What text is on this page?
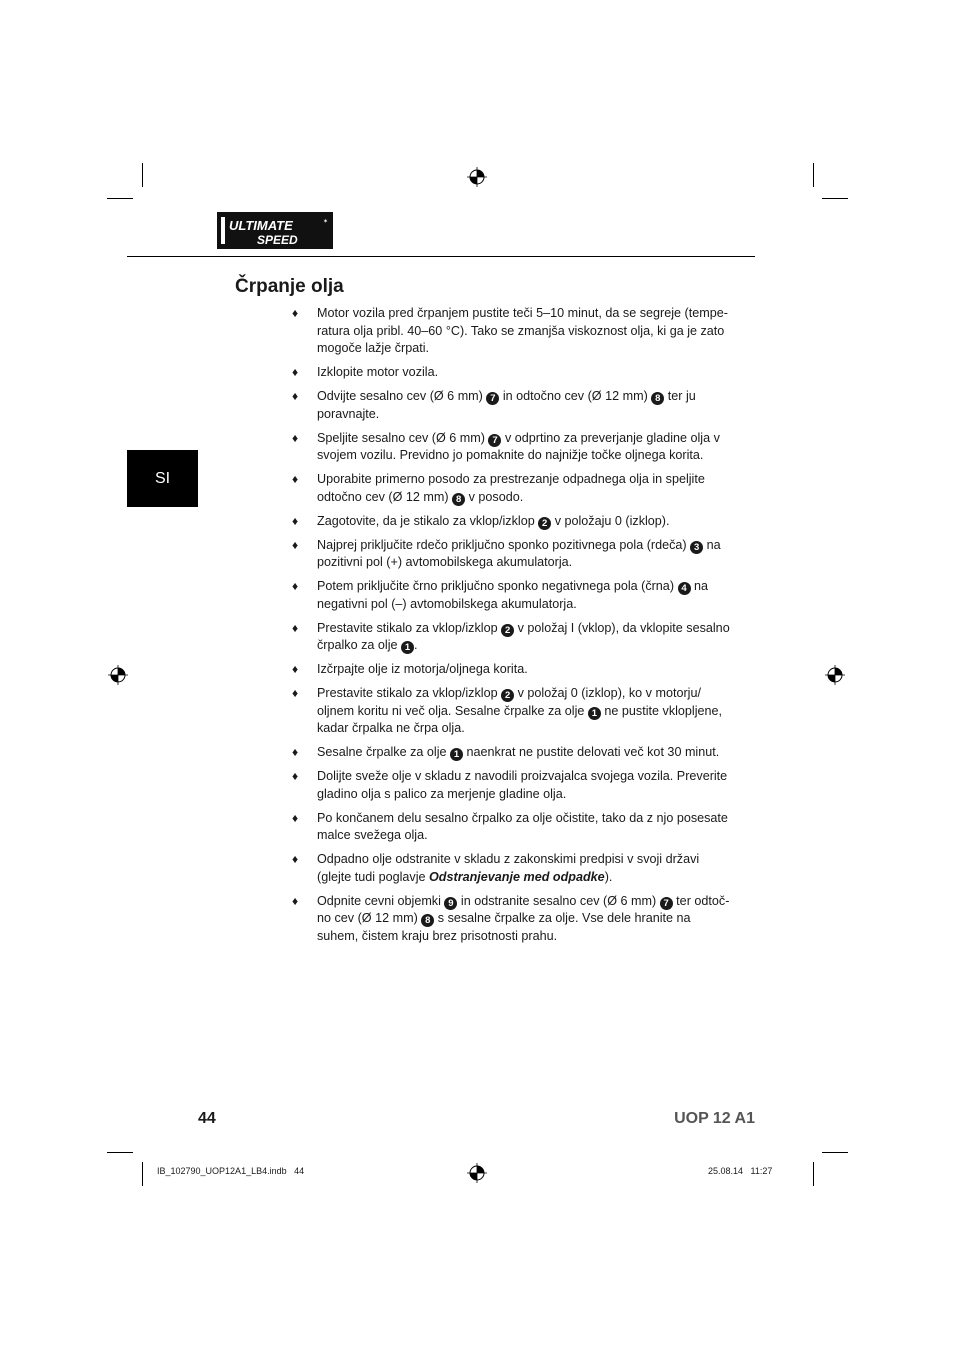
ULTIMATE
SPEED
✶
SI
Črpanje olja
♦ Motor vozila pred črpanjem pustite teči 5–10 minut, da se segreje (tempe-ratura olja pribl. 40–60 °C). Tako se zmanjša viskoznost olja, ki ga je zato mogoče lažje črpati.
♦ Izklopite motor vozila.
♦ Odvijte sesalno cev (Ø 6 mm) 7 in odtočno cev (Ø 12 mm) 8 ter ju poravnajte.
♦ Speljite sesalno cev (Ø 6 mm) 7 v odprtino za preverjanje gladine olja v svojem vozilu. Previdno jo pomaknite do najnižje točke oljnega korita.
♦ Uporabite primerno posodo za prestrezanje odpadnega olja in speljite odtočno cev (Ø 12 mm) 8 v posodo.
♦ Zagotovite, da je stikalo za vklop/izklop 2 v položaju 0 (izklop).
♦ Najprej priključite rdečo priključno sponko pozitivnega pola (rdeča) 3 na pozitivni pol (+) avtomobilskega akumulatorja.
♦ Potem priključite črno priključno sponko negativnega pola (črna) 4 na negativni pol (–) avtomobilskega akumulatorja.
♦ Prestavite stikalo za vklop/izklop 2 v položaj I (vklop), da vklopite sesalno črpalko za olje 1 .
♦ Izčrpajte olje iz motorja/oljnega korita.
♦ Prestavite stikalo za vklop/izklop 2 v položaj 0 (izklop), ko v motorju/ oljnem koritu ni več olja. Sesalne črpalke za olje 1 ne pustite vklopljene, kadar črpalka ne črpa olja.
♦ Sesalne črpalke za olje 1 naenkrat ne pustite delovati več kot 30 minut.
♦ Dolijte sveže olje v skladu z navodili proizvajalca svojega vozila. Preverite gladino olja s palico za merjenje gladine olja.
♦ Po končanem delu sesalno črpalko za olje očistite, tako da z njo posesate malce svežega olja.
♦ Odpadno olje odstranite v skladu z zakonskimi predpisi v svoji državi (glejte tudi poglavje Odstranjevanje med odpadke).
♦ Odpnite cevni objemki 9 in odstranite sesalno cev (Ø 6 mm) 7 ter odtoč-no cev (Ø 12 mm) 8 s sesalne črpalke za olje. Vse dele hranite na suhem, čistem kraju brez prisotnosti prahu.
44	UOP 12 A1
IB_102790_UOP12A1_LB4.indb   44	25.08.14   11:27
